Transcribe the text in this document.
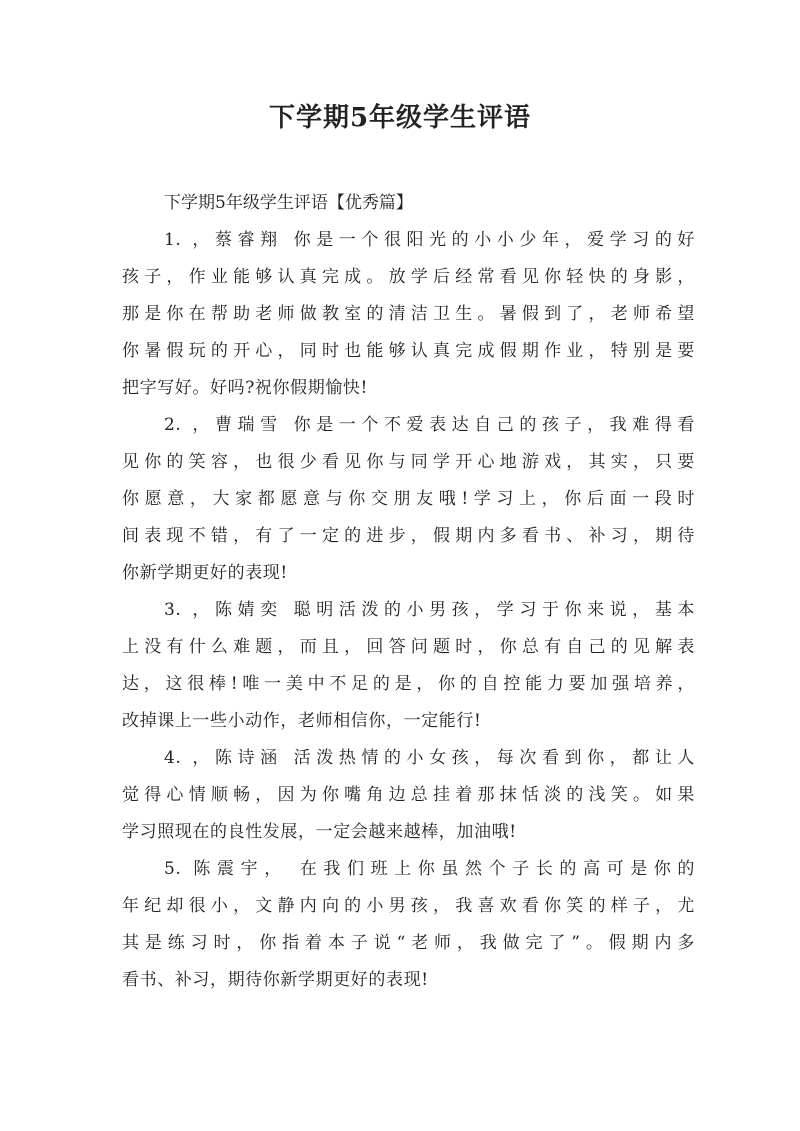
下学期5年级学生评语

下学期5年级学生评语【优秀篇】

1. ，蔡睿翔 你是一个很阳光的小小少年，爱学习的好

孩子，作业能够认真完成。放学后经常看见你轻快的身影，

那是你在帮助老师做教室的清洁卫生。暑假到了，老师希望

你暑假玩的开心，同时也能够认真完成假期作业，特别是要

把字写好。好吗?祝你假期愉快!

2. ，曹瑞雪 你是一个不爱表达自己的孩子，我难得看

见你的笑容，也很少看见你与同学开心地游戏，其实，只要

你愿意，大家都愿意与你交朋友哦!学习上，你后面一段时

间表现不错，有了一定的进步，假期内多看书、补习，期待

你新学期更好的表现!

3. ，陈婧奕 聪明活泼的小男孩，学习于你来说，基本

上没有什么难题，而且，回答问题时，你总有自己的见解表

达，这很棒!唯一美中不足的是，你的自控能力要加强培养，

改掉课上一些小动作，老师相信你，一定能行!

4. ，陈诗涵 活泼热情的小女孩，每次看到你，都让人

觉得心情顺畅，因为你嘴角边总挂着那抹恬淡的浅笑。如果

学习照现在的良性发展，一定会越来越棒，加油哦!

5. 陈震宇， 在我们班上你虽然个子长的高可是你的

年纪却很小，文静内向的小男孩，我喜欢看你笑的样子，尤

其是练习时，你指着本子说“老师，我做完了”。假期内多

看书、补习，期待你新学期更好的表现!
